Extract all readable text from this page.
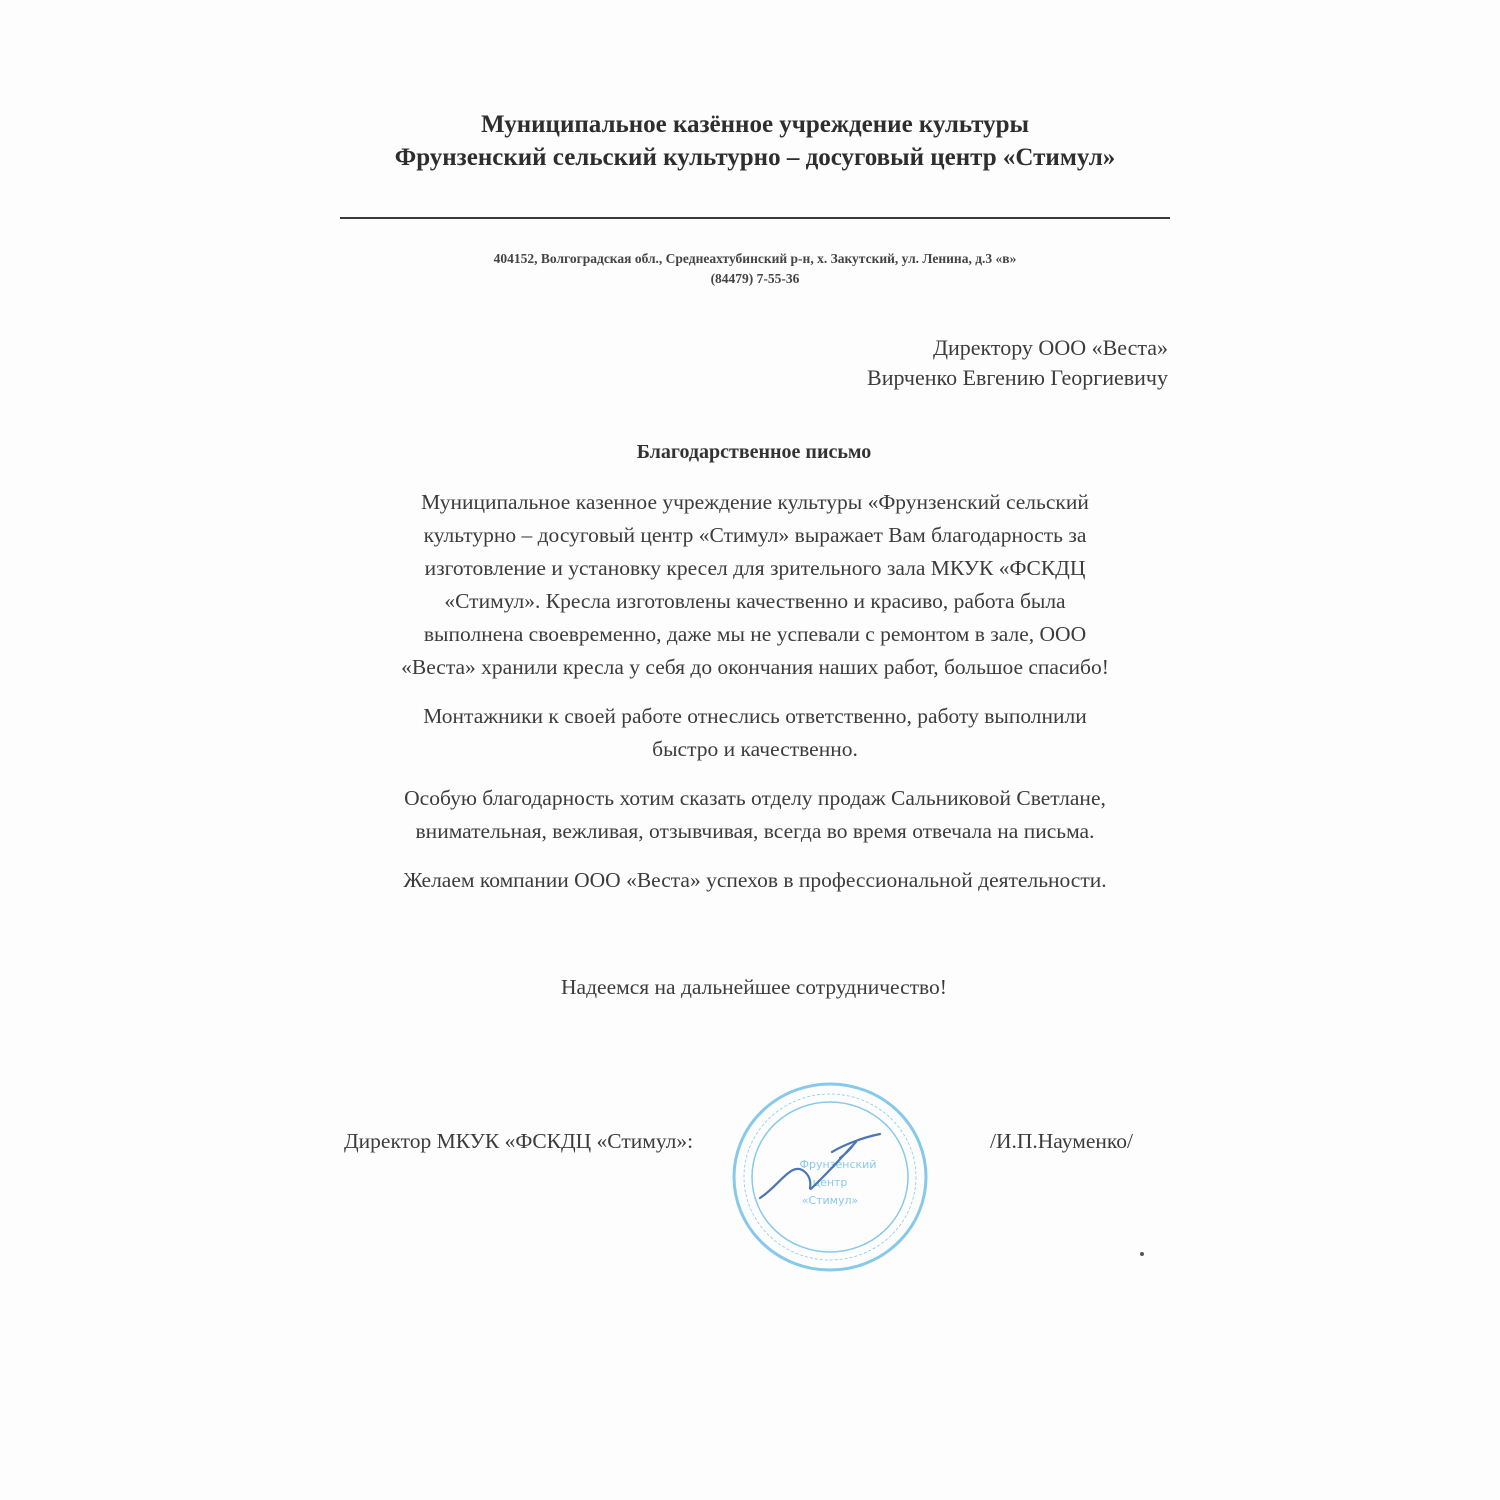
Муниципальное казённое учреждение культуры
Фрунзенский сельский культурно – досуговый центр «Стимул»
404152, Волгоградская обл., Среднеахтубинский р-н, х. Закутский, ул. Ленина, д.3 «в»
(84479) 7-55-36
Директору ООО «Веста»
Вирченко Евгению Георгиевичу
Благодарственное письмо

Муниципальное казенное учреждение культуры «Фрунзенский сельский
культурно – досуговый центр «Стимул» выражает Вам благодарность за
изготовление и установку кресел для зрительного зала МКУК «ФСКДЦ
«Стимул». Кресла изготовлены качественно и красиво, работа была
выполнена своевременно, даже мы не успевали с ремонтом в зале, ООО
«Веста» хранили кресла у себя до окончания наших работ, большое спасибо!

Монтажники к своей работе отнеслись ответственно, работу выполнили
быстро и качественно.

Особую благодарность хотим сказать отделу продаж Сальниковой Светлане,
внимательная, вежливая, отзывчивая, всегда во время отвечала на письма.

Желаем компании ООО «Веста» успехов в профессиональной деятельности.

Надеемся на дальнейшее сотрудничество!
Директор МКУК «ФСКДЦ «Стимул»:
Фрунзенский
центр
«Стимул»
/И.П.Науменко/
